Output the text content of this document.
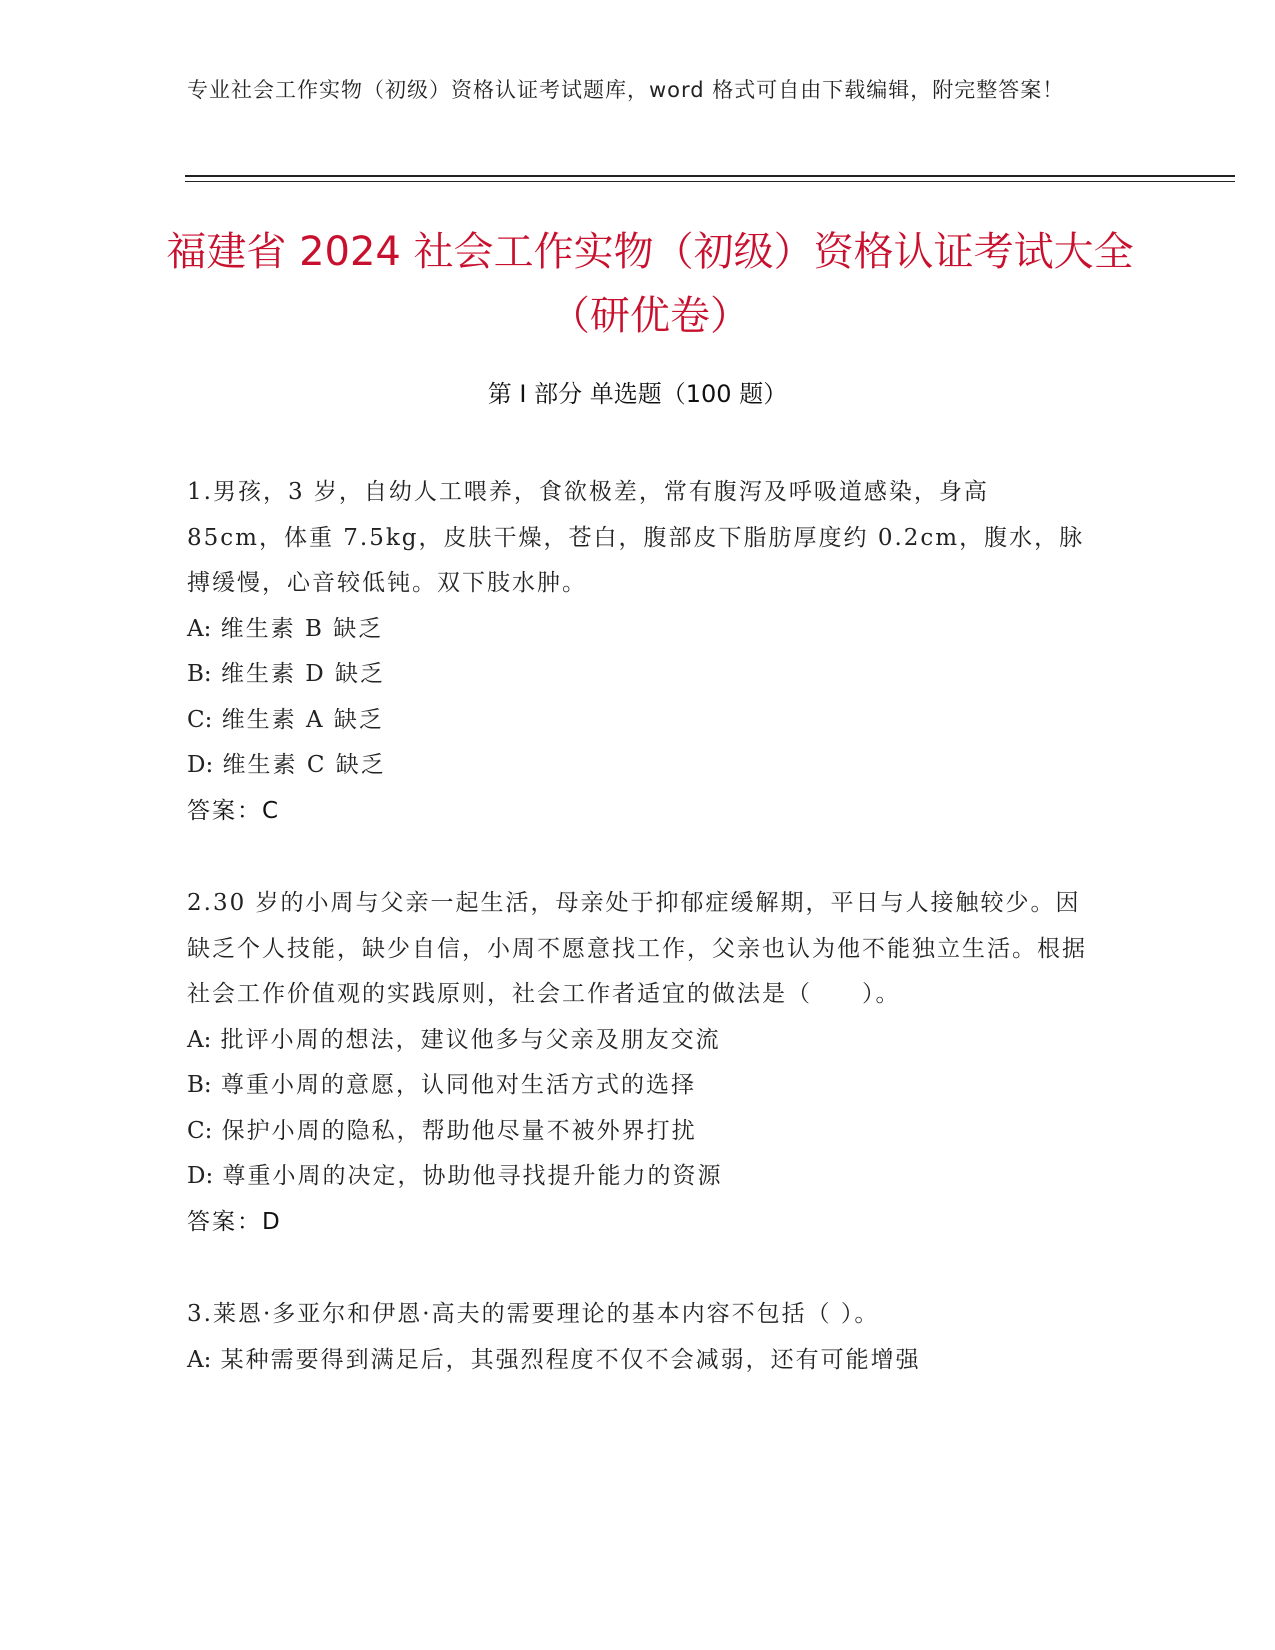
专业社会工作实物（初级）资格认证考试题库，word 格式可自由下载编辑，附完整答案！
福建省 2024 社会工作实物（初级）资格认证考试大全（研优卷）
第 I 部分 单选题（100 题）

1.男孩，3 岁，自幼人工喂养，食欲极差，常有腹泻及呼吸道感染，身高 85cm，体重 7.5kg，皮肤干燥，苍白，腹部皮下脂肪厚度约 0.2cm，腹水，脉搏缓慢，心音较低钝。双下肢水肿。

A: 维生素 B 缺乏

B: 维生素 D 缺乏

C: 维生素 A 缺乏

D: 维生素 C 缺乏

答案：C

2.30 岁的小周与父亲一起生活，母亲处于抑郁症缓解期，平日与人接触较少。因缺乏个人技能，缺少自信，小周不愿意找工作，父亲也认为他不能独立生活。根据社会工作价值观的实践原则，社会工作者适宜的做法是（　　）。

A: 批评小周的想法，建议他多与父亲及朋友交流

B: 尊重小周的意愿，认同他对生活方式的选择

C: 保护小周的隐私，帮助他尽量不被外界打扰

D: 尊重小周的决定，协助他寻找提升能力的资源

答案：D

3.莱恩·多亚尔和伊恩·高夫的需要理论的基本内容不包括（ ）。

A: 某种需要得到满足后，其强烈程度不仅不会减弱，还有可能增强
